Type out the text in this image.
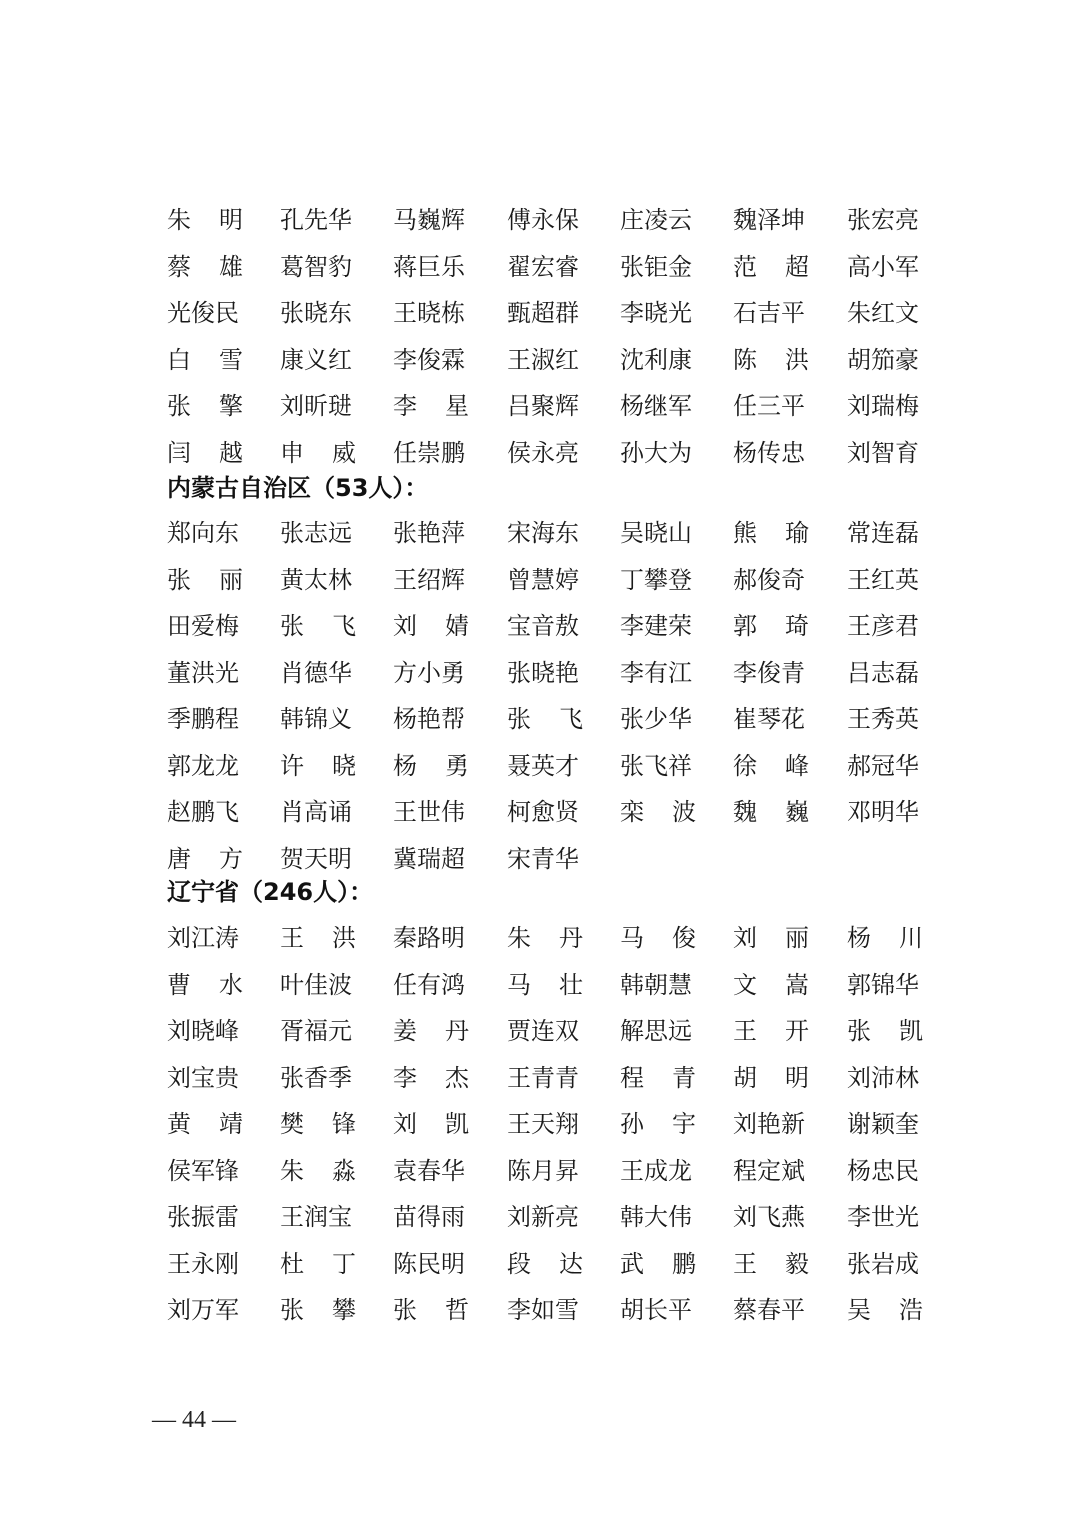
朱 明 孔 先 华 马 巍 辉 傅 永 保 庄 凌 云 魏 泽 坤 张 宏 亮
蔡 雄 葛 智 豹 蒋 巨 乐 翟 宏 睿 张 钜 金 范 超 高 小 军
光 俊 民 张 晓 东 王 晓 栋 甄 超 群 李 晓 光 石 吉 平 朱 红 文
白 雪 康 义 红 李 俊 霖 王 淑 红 沈 利 康 陈 洪 胡 笳 豪
张 擎 刘 昕 琎 李 星 吕 聚 辉 杨 继 军 任 三 平 刘 瑞 梅
闫 越 申 威 任 崇 鹏 侯 永 亮 孙 大 为 杨 传 忠 刘 智 育
内蒙古自治区（53人）：
郑 向 东 张 志 远 张 艳 萍 宋 海 东 吴 晓 山 熊 瑜 常 连 磊
张 丽 黄 太 林 王 绍 辉 曾 慧 婷 丁 攀 登 郝 俊 奇 王 红 英
田 爱 梅 张 飞 刘 婧 宝 音 敖 李 建 荣 郭 琦 王 彦 君
董 洪 光 肖 德 华 方 小 勇 张 晓 艳 李 有 江 李 俊 青 吕 志 磊
季 鹏 程 韩 锦 义 杨 艳 帮 张 飞 张 少 华 崔 琴 花 王 秀 英
郭 龙 龙 许 晓 杨 勇 聂 英 才 张 飞 祥 徐 峰 郝 冠 华
赵 鹏 飞 肖 高 诵 王 世 伟 柯 愈 贤 栾 波 魏 巍 邓 明 华
唐 方 贺 天 明 冀 瑞 超 宋 青 华
辽宁省（246人）：
刘 江 涛 王 洪 秦 路 明 朱 丹 马 俊 刘 丽 杨 川
曹 水 叶 佳 波 任 有 鸿 马 壮 韩 朝 慧 文 嵩 郭 锦 华
刘 晓 峰 胥 福 元 姜 丹 贾 连 双 解 思 远 王 开 张 凯
刘 宝 贵 张 香 季 李 杰 王 青 青 程 青 胡 明 刘 沛 林
黄 靖 樊 锋 刘 凯 王 天 翔 孙 宇 刘 艳 新 谢 颖 奎
侯 军 锋 朱 淼 袁 春 华 陈 月 昇 王 成 龙 程 定 斌 杨 忠 民
张 振 雷 王 润 宝 苗 得 雨 刘 新 亮 韩 大 伟 刘 飞 燕 李 世 光
王 永 刚 杜 丁 陈 民 明 段 达 武 鹏 王 毅 张 岩 成
刘 万 军 张 攀 张 哲 李 如 雪 胡 长 平 蔡 春 平 吴 浩
— 44 —
